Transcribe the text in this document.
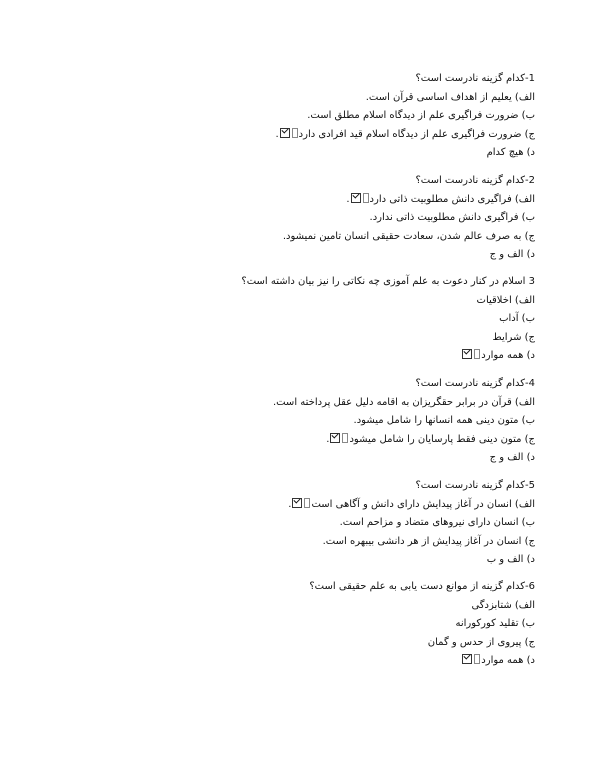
1-کدام گزینه نادرست است؟
الف) یعلیم از اهداف اساسی قرآن است.
ب) ضرورت فراگیری علم از دیدگاه اسلام مطلق است.
ج) ضرورت فراگیری علم از دیدگاه اسلام قید افرادی دارد.
د) هیچ کدام
2-کدام گزینه نادرست است؟
الف) فراگیری دانش مطلوبیت ذاتی دارد.
ب) فراگیری دانش مطلوبیت ذاتی ندارد.
ج) به صرف عالم شدن، سعادت حقیقی انسان تامین نمیشود.
د) الف و ج
3 اسلام در کنار دعوت به علم آموزی چه نکاتی را نیز بیان داشته است؟
الف) اخلاقیات
ب) آداب
ج) شرایط
د) همه موارد
4-کدام گزینه نادرست است؟
الف) قرآن در برابر حقگریزان به اقامه دلیل عقل پرداخته است.
ب) متون دینی همه انسانها را شامل میشود.
ج) متون دینی فقط پارسایان را شامل میشود.
د) الف و ج
5-کدام گزینه نادرست است؟
الف) انسان در آغاز پیدایش دارای دانش و آگاهی است.
ب) انسان دارای نیروهای متضاد و مزاحم است.
ج) انسان در آغاز پیدایش از هر دانشی بیبهره است.
د) الف و ب
6-کدام گزینه از موانع دست یابی به علم حقیقی است؟
الف) شتابزدگی
ب) تقلید کورکورانه
ج) پیروی از حدس و گمان
د) همه موارد
